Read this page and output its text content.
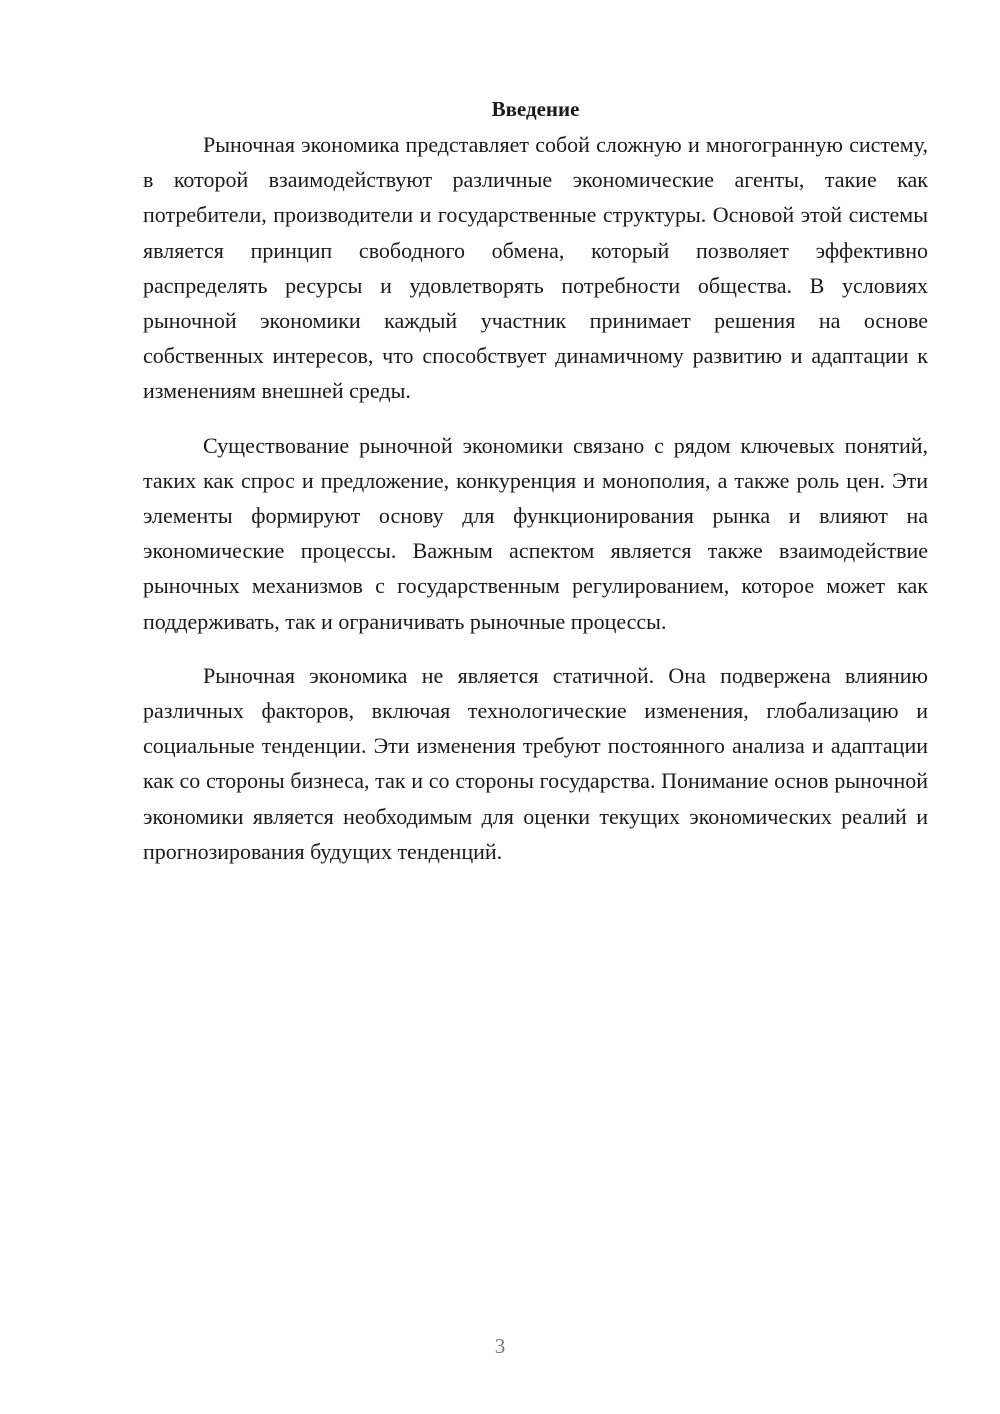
Введение

Рыночная экономика представляет собой сложную и многогранную систему, в которой взаимодействуют различные экономические агенты, такие как потребители, производители и государственные структуры. Основой этой системы является принцип свободного обмена, который позволяет эффективно распределять ресурсы и удовлетворять потребности общества. В условиях рыночной экономики каждый участник принимает решения на основе собственных интересов, что способствует динамичному развитию и адаптации к изменениям внешней среды.

Существование рыночной экономики связано с рядом ключевых понятий, таких как спрос и предложение, конкуренция и монополия, а также роль цен. Эти элементы формируют основу для функционирования рынка и влияют на экономические процессы. Важным аспектом является также взаимодействие рыночных механизмов с государственным регулированием, которое может как поддерживать, так и ограничивать рыночные процессы.

Рыночная экономика не является статичной. Она подвержена влиянию различных факторов, включая технологические изменения, глобализацию и социальные тенденции. Эти изменения требуют постоянного анализа и адаптации как со стороны бизнеса, так и со стороны государства. Понимание основ рыночной экономики является необходимым для оценки текущих экономических реалий и прогнозирования будущих тенденций.

3
